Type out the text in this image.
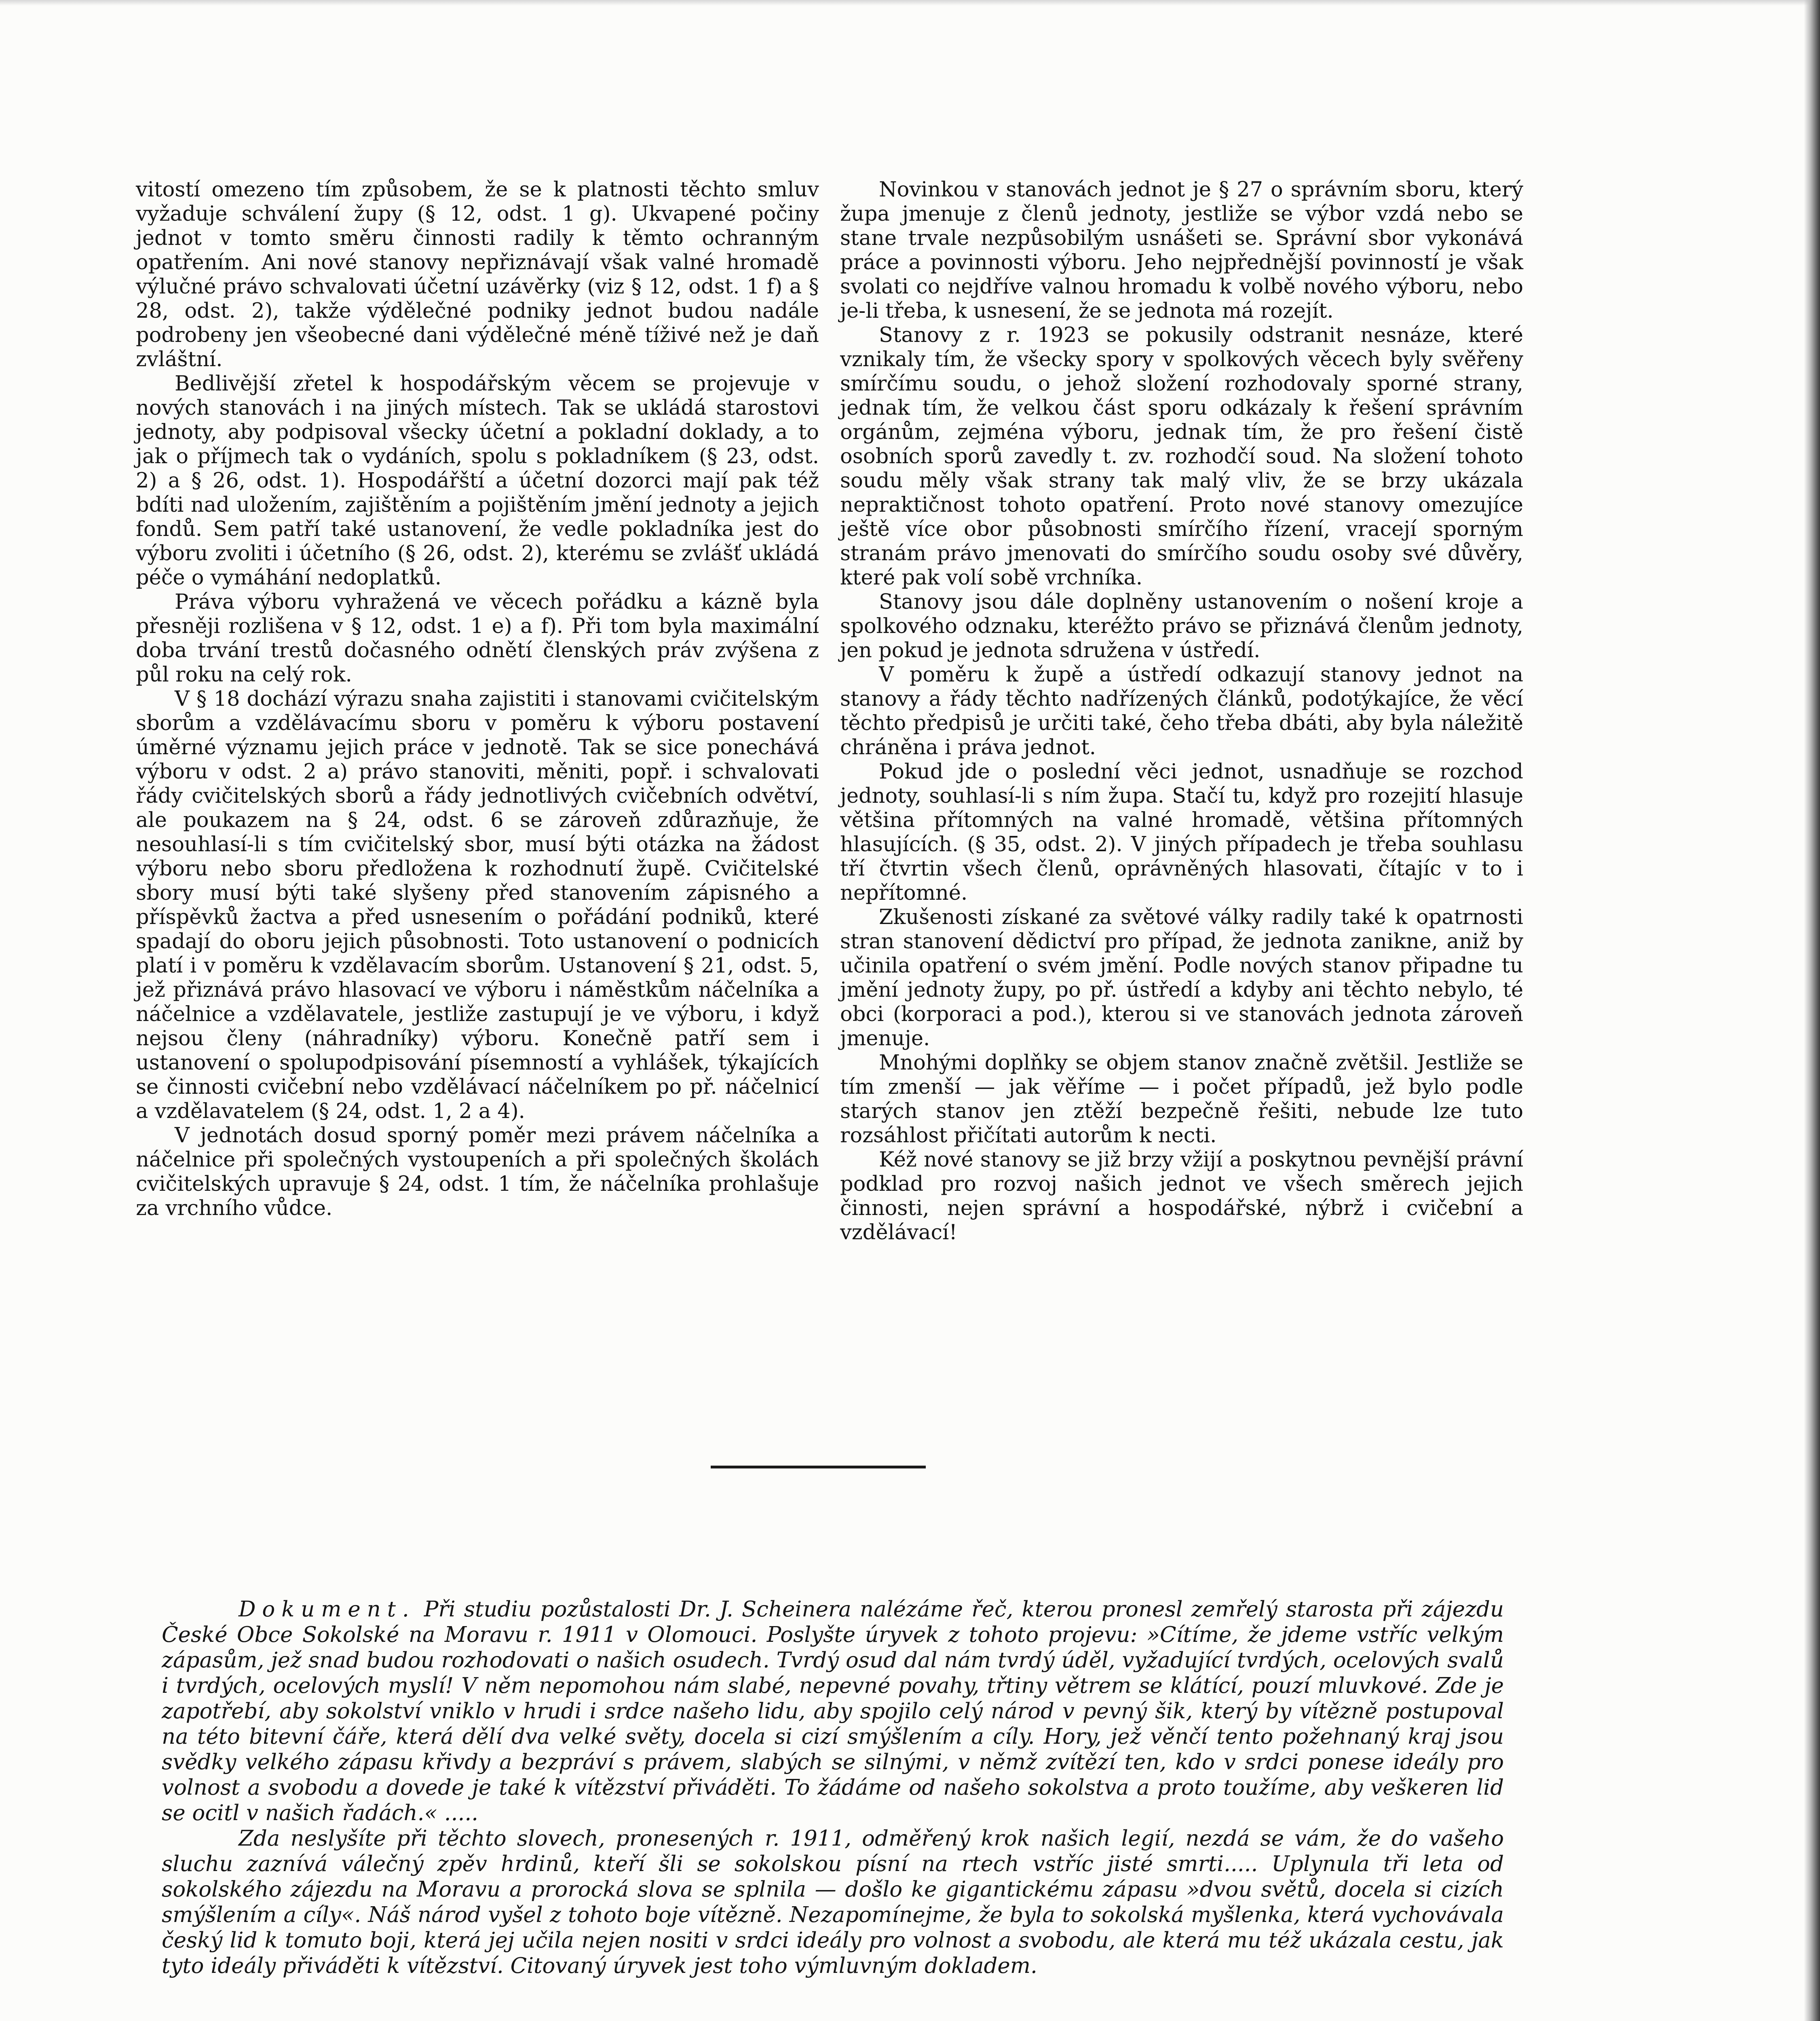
vitostí omezeno tím způsobem, že se k platnosti těchto smluv vyžaduje schválení župy (§ 12, odst. 1 g). Ukvapené počiny jednot v tomto směru činnosti radily k těmto ochranným opatřením. Ani nové stanovy nepřiznávají však valné hromadě výlučné právo schvalovati účetní uzávěrky (viz § 12, odst. 1 f) a § 28, odst. 2), takže výdělečné podniky jednot budou nadále podrobeny jen všeobecné dani výdělečné méně tíživé než je daň zvláštní.

Bedlivější zřetel k hospodářským věcem se projevuje v nových stanovách i na jiných místech. Tak se ukládá starostovi jednoty, aby podpisoval všecky účetní a pokladní doklady, a to jak o příjmech tak o vydáních, spolu s pokladníkem (§ 23, odst. 2) a § 26, odst. 1). Hospodářští a účetní dozorci mají pak též bdíti nad uložením, zajištěním a pojištěním jmění jednoty a jejich fondů. Sem patří také ustanovení, že vedle pokladníka jest do výboru zvoliti i účetního (§ 26, odst. 2), kterému se zvlášť ukládá péče o vymáhání nedoplatků.

Práva výboru vyhražená ve věcech pořádku a kázně byla přesněji rozlišena v § 12, odst. 1 e) a f). Při tom byla maximální doba trvání trestů dočasného odnětí členských práv zvýšena z půl roku na celý rok.

V § 18 dochází výrazu snaha zajistiti i stanovami cvičitelským sborům a vzdělávacímu sboru v poměru k výboru postavení úměrné významu jejich práce v jednotě. Tak se sice ponechává výboru v odst. 2 a) právo stanoviti, měniti, popř. i schvalovati řády cvičitelských sborů a řády jednotlivých cvičebních odvětví, ale poukazem na § 24, odst. 6 se zároveň zdůrazňuje, že nesouhlasí-li s tím cvičitelský sbor, musí býti otázka na žádost výboru nebo sboru předložena k rozhodnutí župě. Cvičitelské sbory musí býti také slyšeny před stanovením zápisného a příspěvků žactva a před usnesením o pořádání podniků, které spadají do oboru jejich působnosti. Toto ustanovení o podnicích platí i v poměru k vzdělavacím sborům. Ustanovení § 21, odst. 5, jež přiznává právo hlasovací ve výboru i náměstkům náčelníka a náčelnice a vzdělavatele, jestliže zastupují je ve výboru, i když nejsou členy (náhradníky) výboru. Konečně patří sem i ustanovení o spolupodpisování písemností a vyhlášek, týkajících se činnosti cvičební nebo vzdělávací náčelníkem po př. náčelnicí a vzdělavatelem (§ 24, odst. 1, 2 a 4).

V jednotách dosud sporný poměr mezi právem náčelníka a náčelnice při společných vystoupeních a při společných školách cvičitelských upravuje § 24, odst. 1 tím, že náčelníka prohlašuje za vrchního vůdce.

Novinkou v stanovách jednot je § 27 o správním sboru, který župa jmenuje z členů jednoty, jestliže se výbor vzdá nebo se stane trvale nezpůsobilým usnášeti se. Správní sbor vykonává práce a povinnosti výboru. Jeho nejpřednější povinností je však svolati co nejdříve valnou hromadu k volbě nového výboru, nebo je-li třeba, k usnesení, že se jednota má rozejít.

Stanovy z r. 1923 se pokusily odstranit nesnáze, které vznikaly tím, že všecky spory v spolkových věcech byly svěřeny smírčímu soudu, o jehož složení rozhodovaly sporné strany, jednak tím, že velkou část sporu odkázaly k řešení správním orgánům, zejména výboru, jednak tím, že pro řešení čistě osobních sporů zavedly t. zv. rozhodčí soud. Na složení tohoto soudu měly však strany tak malý vliv, že se brzy ukázala nepraktičnost tohoto opatření. Proto nové stanovy omezujíce ještě více obor působnosti smírčího řízení, vracejí sporným stranám právo jmenovati do smírčího soudu osoby své důvěry, které pak volí sobě vrchníka.

Stanovy jsou dále doplněny ustanovením o nošení kroje a spolkového odznaku, kteréžto právo se přiznává členům jednoty, jen pokud je jednota sdružena v ústředí.

V poměru k župě a ústředí odkazují stanovy jednot na stanovy a řády těchto nadřízených článků, podotýkajíce, že věcí těchto předpisů je určiti také, čeho třeba dbáti, aby byla náležitě chráněna i práva jednot.

Pokud jde o poslední věci jednot, usnadňuje se rozchod jednoty, souhlasí-li s ním župa. Stačí tu, když pro rozejití hlasuje většina přítomných na valné hromadě, většina přítomných hlasujících. (§ 35, odst. 2). V jiných případech je třeba souhlasu tří čtvrtin všech členů, oprávněných hlasovati, čítajíc v to i nepřítomné.

Zkušenosti získané za světové války radily také k opatrnosti stran stanovení dědictví pro případ, že jednota zanikne, aniž by učinila opatření o svém jmění. Podle nových stanov připadne tu jmění jednoty župy, po př. ústředí a kdyby ani těchto nebylo, té obci (korporaci a pod.), kterou si ve stanovách jednota zároveň jmenuje.

Mnohými doplňky se objem stanov značně zvětšil. Jestliže se tím zmenší — jak věříme — i počet případů, jež bylo podle starých stanov jen ztěží bezpečně řešiti, nebude lze tuto rozsáhlost přičítati autorům k necti.

Kéž nové stanovy se již brzy vžijí a poskytnou pevnější právní podklad pro rozvoj našich jednot ve všech směrech jejich činnosti, nejen správní a hospodářské, nýbrž i cvičební a vzdělávací!

Dokument. Při studiu pozůstalosti Dr. J. Scheinera nalézáme řeč, kterou pronesl zemřelý starosta při zájezdu České Obce Sokolské na Moravu r. 1911 v Olomouci. Poslyšte úryvek z tohoto projevu: »Cítíme, že jdeme vstříc velkým zápasům, jež snad budou rozhodovati o našich osudech. Tvrdý osud dal nám tvrdý úděl, vyžadující tvrdých, ocelových svalů i tvrdých, ocelových myslí! V něm nepomohou nám slabé, nepevné povahy, třtiny větrem se klátící, pouzí mluvkové. Zde je zapotřebí, aby sokolství vniklo v hrudi i srdce našeho lidu, aby spojilo celý národ v pevný šik, který by vítězně postupoval na této bitevní čáře, která dělí dva velké světy, docela si cizí smýšlením a cíly. Hory, jež věnčí tento požehnaný kraj jsou svědky velkého zápasu křivdy a bezpráví s právem, slabých se silnými, v němž zvítězí ten, kdo v srdci ponese ideály pro volnost a svobodu a dovede je také k vítězství přiváděti. To žádáme od našeho sokolstva a proto toužíme, aby veškeren lid se ocitl v našich řadách.« .....

Zda neslyšíte při těchto slovech, pronesených r. 1911, odměřený krok našich legií, nezdá se vám, že do vašeho sluchu zaznívá válečný zpěv hrdinů, kteří šli se sokolskou písní na rtech vstříc jisté smrti..... Uplynula tři leta od sokolského zájezdu na Moravu a prorocká slova se splnila — došlo ke gigantickému zápasu »dvou světů, docela si cizích smýšlením a cíly«. Náš národ vyšel z tohoto boje vítězně. Nezapomínejme, že byla to sokolská myšlenka, která vychovávala český lid k tomuto boji, která jej učila nejen nositi v srdci ideály pro volnost a svobodu, ale která mu též ukázala cestu, jak tyto ideály přiváděti k vítězství. Citovaný úryvek jest toho výmluvným dokladem.
